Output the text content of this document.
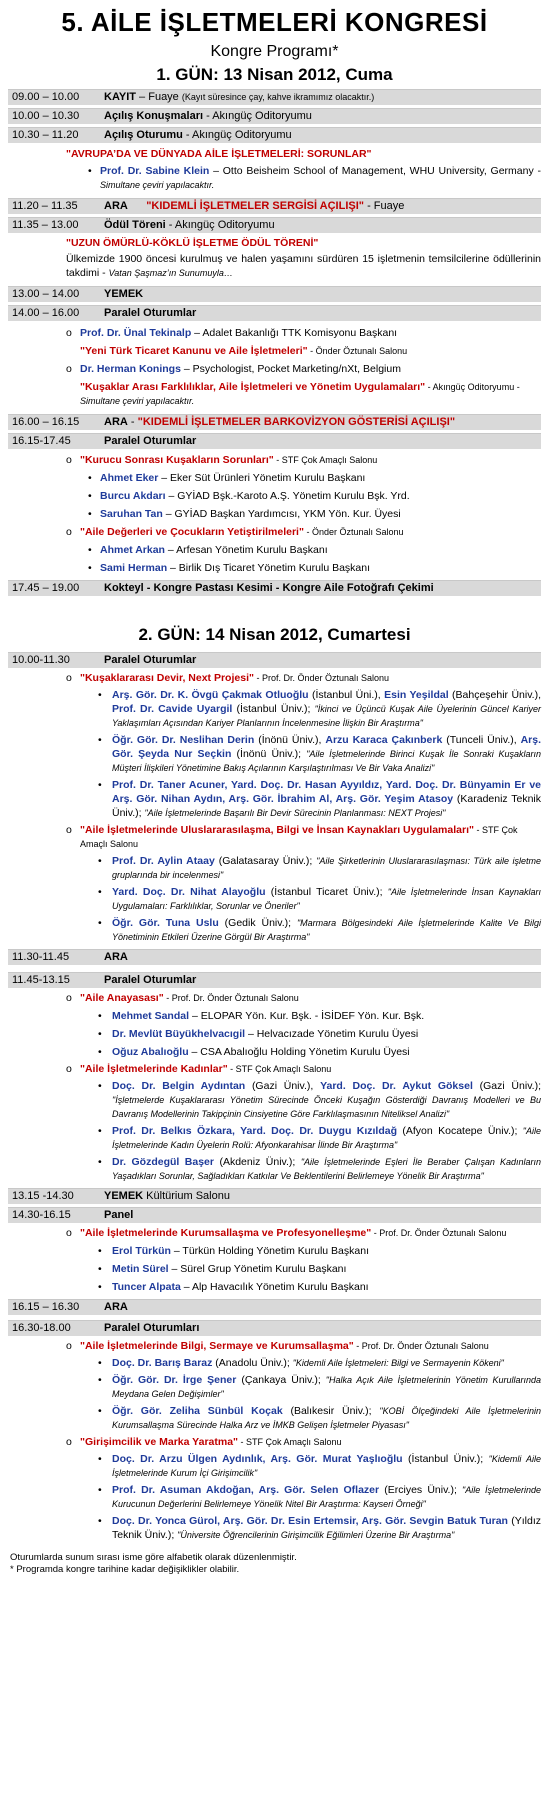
5. AİLE İŞLETMELERİ KONGRESİ
Kongre Programı*
1. GÜN: 13 Nisan 2012, Cuma
09.00 – 10.00	KAYIT – Fuaye (Kayıt süresince çay, kahve ikramımız olacaktır.)
10.00 – 10.30	Açılış Konuşmaları - Akıngüç Oditoryumu
10.30 – 11.20	Açılış Oturumu - Akıngüç Oditoryumu
"AVRUPA’DA VE DÜNYADA AİLE İŞLETMELERİ: SORUNLAR"
• Prof. Dr. Sabine Klein – Otto Beisheim School of Management, WHU University, Germany - Simultane çeviri yapılacaktır.
11.20 – 11.35	ARA "KIDEMLİ İŞLETMELER SERGİSİ AÇILIŞI" - Fuaye
11.35 – 13.00	Ödül Töreni - Akıngüç Oditoryumu
"UZUN ÖMÜRLÜ-KÖKLÜ İŞLETME ÖDÜL TÖRENİ"
Ülkemizde 1900 öncesi kurulmuş ve halen yaşamını sürdüren 15 işletmenin temsilcilerine ödüllerinin takdimi - Vatan Şaşmaz’ın Sunumuyla…
13.00 – 14.00	YEMEK
14.00 – 16.00	Paralel Oturumlar
o Prof. Dr. Ünal Tekinalp – Adalet Bakanlığı TTK Komisyonu Başkanı
"Yeni Türk Ticaret Kanunu ve Aile İşletmeleri" - Önder Öztunalı Salonu
o Dr. Herman Konings – Psychologist, Pocket Marketing/nXt, Belgium
"Kuşaklar Arası Farklılıklar, Aile İşletmeleri ve Yönetim Uygulamaları" - Akıngüç Oditoryumu - Simultane çeviri yapılacaktır.
16.00 – 16.15	ARA - "KIDEMLİ İŞLETMELER BARKOVİZYON GÖSTERİSİ AÇILIŞI"
16.15-17.45	Paralel Oturumlar
o "Kurucu Sonrası Kuşakların Sorunları" - STF Çok Amaçlı Salonu
• Ahmet Eker – Eker Süt Ürünleri Yönetim Kurulu Başkanı
• Burcu Akdarı – GYİAD Bşk.-Karoto A.Ş. Yönetim Kurulu Bşk. Yrd.
• Saruhan Tan – GYİAD Başkan Yardımcısı, YKM Yön. Kur. Üyesi
o "Aile Değerleri ve Çocukların Yetiştirilmeleri" - Önder Öztunalı Salonu
• Ahmet Arkan – Arfesan Yönetim Kurulu Başkanı
• Sami Herman – Birlik Dış Ticaret Yönetim Kurulu Başkanı
17.45 – 19.00	Kokteyl - Kongre Pastası Kesimi - Kongre Aile Fotoğrafı Çekimi
2. GÜN: 14 Nisan 2012, Cumartesi
10.00-11.30	Paralel Oturumlar
o "Kuşaklararası Devir, Next Projesi" - Prof. Dr. Önder Öztunalı Salonu
• Arş. Gör. Dr. K. Övgü Çakmak Otluoğlu (İstanbul Üni.), Esin Yeşildal (Bahçeşehir Üniv.), Prof. Dr. Cavide Uyargil (İstanbul Üniv.); "İkinci ve Üçüncü Kuşak Aile Üyelerinin Güncel Kariyer Yaklaşımları Açısından Kariyer Planlarının İncelenmesine İlişkin Bir Araştırma"
• Öğr. Gör. Dr. Neslihan Derin (İnönü Üniv.), Arzu Karaca Çakınberk (Tunceli Üniv.), Arş. Gör. Şeyda Nur Seçkin (İnönü Üniv.); "Aile İşletmelerinde Birinci Kuşak İle Sonraki Kuşakların Müşteri İlişkileri Yönetimine Bakış Açılarının Karşılaştırılması Ve Bir Vaka Analizi"
• Prof. Dr. Taner Acuner, Yard. Doç. Dr. Hasan Ayyıldız, Yard. Doç. Dr. Bünyamin Er ve Arş. Gör. Nihan Aydın, Arş. Gör. İbrahim Al, Arş. Gör. Yeşim Atasoy (Karadeniz Teknik Üniv.); "Aile İşletmelerinde Başarılı Bir Devir Sürecinin Planlanması: NEXT Projesi"
o "Aile İşletmelerinde Uluslararasılaşma, Bilgi ve İnsan Kaynakları Uygulamaları" - STF Çok Amaçlı Salonu
• Prof. Dr. Aylin Ataay (Galatasaray Üniv.); "Aile Şirketlerinin Uluslararasılaşması: Türk aile işletme gruplarında bir incelenmesi"
• Yard. Doç. Dr. Nihat Alayoğlu (İstanbul Ticaret Üniv.); "Aile İşletmelerinde İnsan Kaynakları Uygulamaları: Farklılıklar, Sorunlar ve Öneriler"
• Öğr. Gör. Tuna Uslu (Gedik Üniv.); "Marmara Bölgesindeki Aile İşletmelerinde Kalite Ve Bilgi Yönetiminin Etkileri Üzerine Görgül Bir Araştırma"
11.30-11.45	ARA
11.45-13.15	Paralel Oturumlar
o "Aile Anayasası" - Prof. Dr. Önder Öztunalı Salonu
• Mehmet Sandal – ELOPAR Yön. Kur. Bşk. - İSİDEF Yön. Kur. Bşk.
• Dr. Mevlüt Büyükhelvacıgil – Helvacızade Yönetim Kurulu Üyesi
• Oğuz Abalıoğlu – CSA Abalıoğlu Holding Yönetim Kurulu Üyesi
o "Aile İşletmelerinde Kadınlar" - STF Çok Amaçlı Salonu
• Doç. Dr. Belgin Aydıntan (Gazi Üniv.), Yard. Doç. Dr. Aykut Göksel (Gazi Üniv.); "İşletmelerde Kuşaklararası Yönetim Sürecinde Önceki Kuşağın Gösterdiği Davranış Modelleri ve Bu Davranış Modellerinin Takipçinin Cinsiyetine Göre Farklılaşmasının Niteliksel Analizi"
• Prof. Dr. Belkıs Özkara, Yard. Doç. Dr. Duygu Kızıldağ (Afyon Kocatepe Üniv.); "Aile İşletmelerinde Kadın Üyelerin Rolü: Afyonkarahisar İlinde Bir Araştırma"
• Dr. Gözdegül Başer (Akdeniz Üniv.); "Aile İşletmelerinde Eşleri İle Beraber Çalışan Kadınların Yaşadıkları Sorunlar, Sağladıkları Katkılar Ve Beklentilerini Belirlemeye Yönelik Bir Araştırma"
13.15 -14.30	YEMEK Kültürium Salonu
14.30-16.15	Panel
o "Aile İşletmelerinde Kurumsallaşma ve Profesyonelleşme" - Prof. Dr. Önder Öztunalı Salonu
• Erol Türkün – Türkün Holding Yönetim Kurulu Başkanı
• Metin Sürel – Sürel Grup Yönetim Kurulu Başkanı
• Tuncer Alpata – Alp Havacılık Yönetim Kurulu Başkanı
16.15 – 16.30	ARA
16.30-18.00	Paralel Oturumları
o "Aile İşletmelerinde Bilgi, Sermaye ve Kurumsallaşma" - Prof. Dr. Önder Öztunalı Salonu
• Doç. Dr. Barış Baraz (Anadolu Üniv.); "Kidemli Aile İşletmeleri: Bilgi ve Sermayenin Kökeni"
• Öğr. Gör. Dr. İrge Şener (Çankaya Üniv.); "Halka Açık Aile İşletmelerinin Yönetim Kurullarında Meydana Gelen Değişimler"
• Öğr. Gör. Zeliha Sünbül Koçak (Balıkesir Üniv.); "KOBİ Ölçeğindeki Aile İşletmelerinin Kurumsallaşma Sürecinde Halka Arz ve İMKB Gelişen İşletmeler Piyasası"
o "Girişimcilik ve Marka Yaratma" - STF Çok Amaçlı Salonu
• Doç. Dr. Arzu Ülgen Aydınlık, Arş. Gör. Murat Yaşlıoğlu (İstanbul Üniv.); "Kidemli Aile İşletmelerinde Kurum İçi Girişimcilik"
• Prof. Dr. Asuman Akdoğan, Arş. Gör. Selen Oflazer (Erciyes Üniv.); "Aile İşletmelerinde Kurucunun Değerlerini Belirlemeye Yönelik Nitel Bir Araştırma: Kayseri Örneği"
• Doç. Dr. Yonca Gürol, Arş. Gör. Dr. Esin Ertemsir, Arş. Gör. Sevgin Batuk Turan (Yıldız Teknik Üniv.); "Üniversite Öğrencilerinin Girişimcilik Eğilimleri Üzerine Bir Araştırma"
Oturumlarda sunum sırası isme göre alfabetik olarak düzenlenmiştir.
* Programda kongre tarihine kadar değişiklikler olabilir.
